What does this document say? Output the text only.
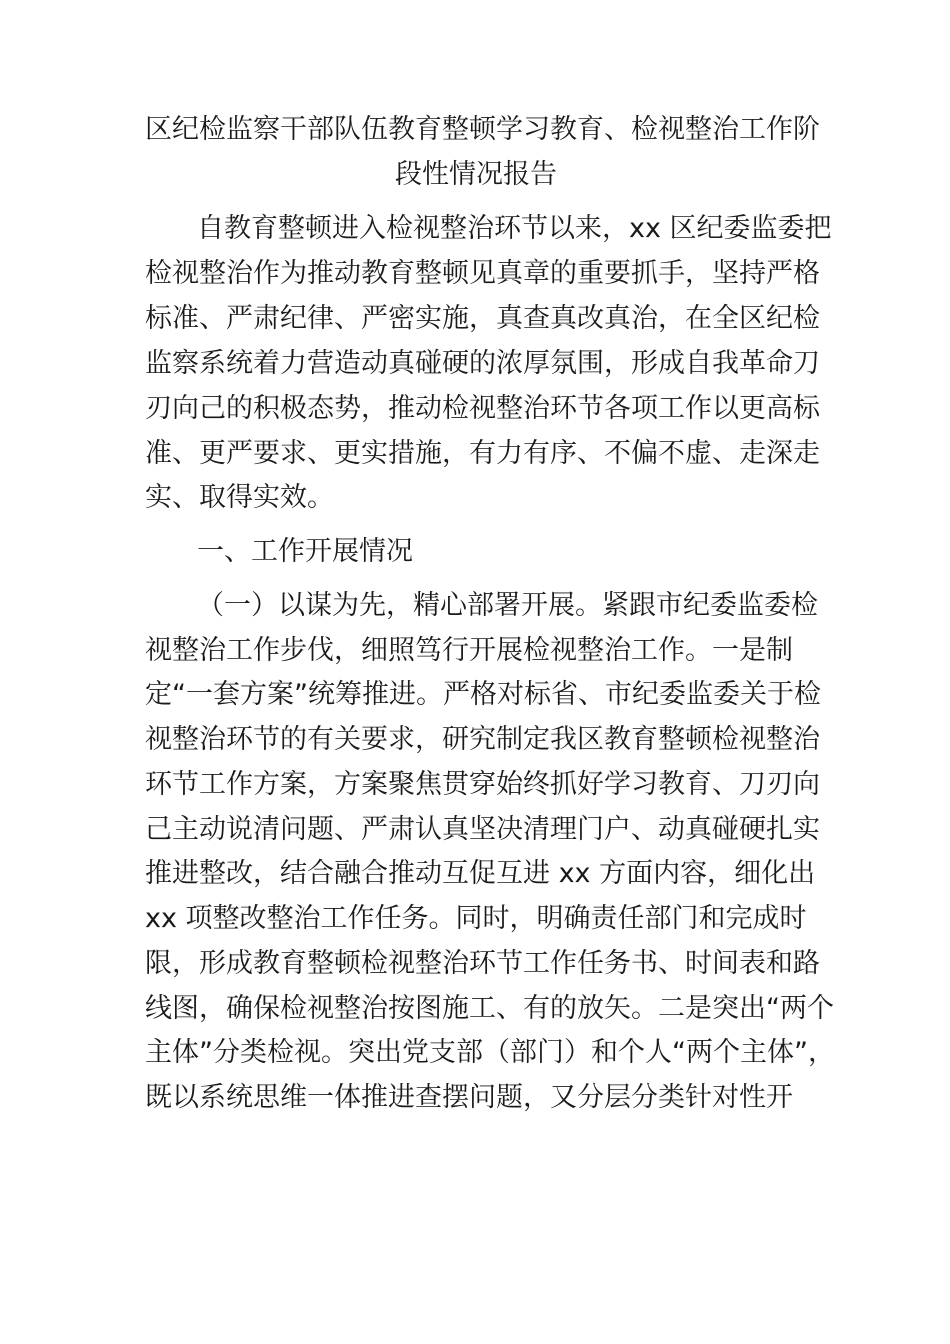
区纪检监察干部队伍教育整顿学习教育、检视整治工作阶
段性情况报告
自教育整顿进入检视整治环节以来，xx 区纪委监委把
检视整治作为推动教育整顿见真章的重要抓手，坚持严格
标准、严肃纪律、严密实施，真查真改真治，在全区纪检
监察系统着力营造动真碰硬的浓厚氛围，形成自我革命刀
刃向己的积极态势，推动检视整治环节各项工作以更高标
准、更严要求、更实措施，有力有序、不偏不虚、走深走
实、取得实效。
一、工作开展情况
（一）以谋为先，精心部署开展。紧跟市纪委监委检
视整治工作步伐，细照笃行开展检视整治工作。一是制
定“一套方案”统筹推进。严格对标省、市纪委监委关于检
视整治环节的有关要求，研究制定我区教育整顿检视整治
环节工作方案，方案聚焦贯穿始终抓好学习教育、刀刃向
己主动说清问题、严肃认真坚决清理门户、动真碰硬扎实
推进整改，结合融合推动互促互进 xx 方面内容，细化出
xx 项整改整治工作任务。同时，明确责任部门和完成时
限，形成教育整顿检视整治环节工作任务书、时间表和路
线图，确保检视整治按图施工、有的放矢。二是突出“两个
主体”分类检视。突出党支部（部门）和个人“两个主体”，
既以系统思维一体推进查摆问题，又分层分类针对性开
